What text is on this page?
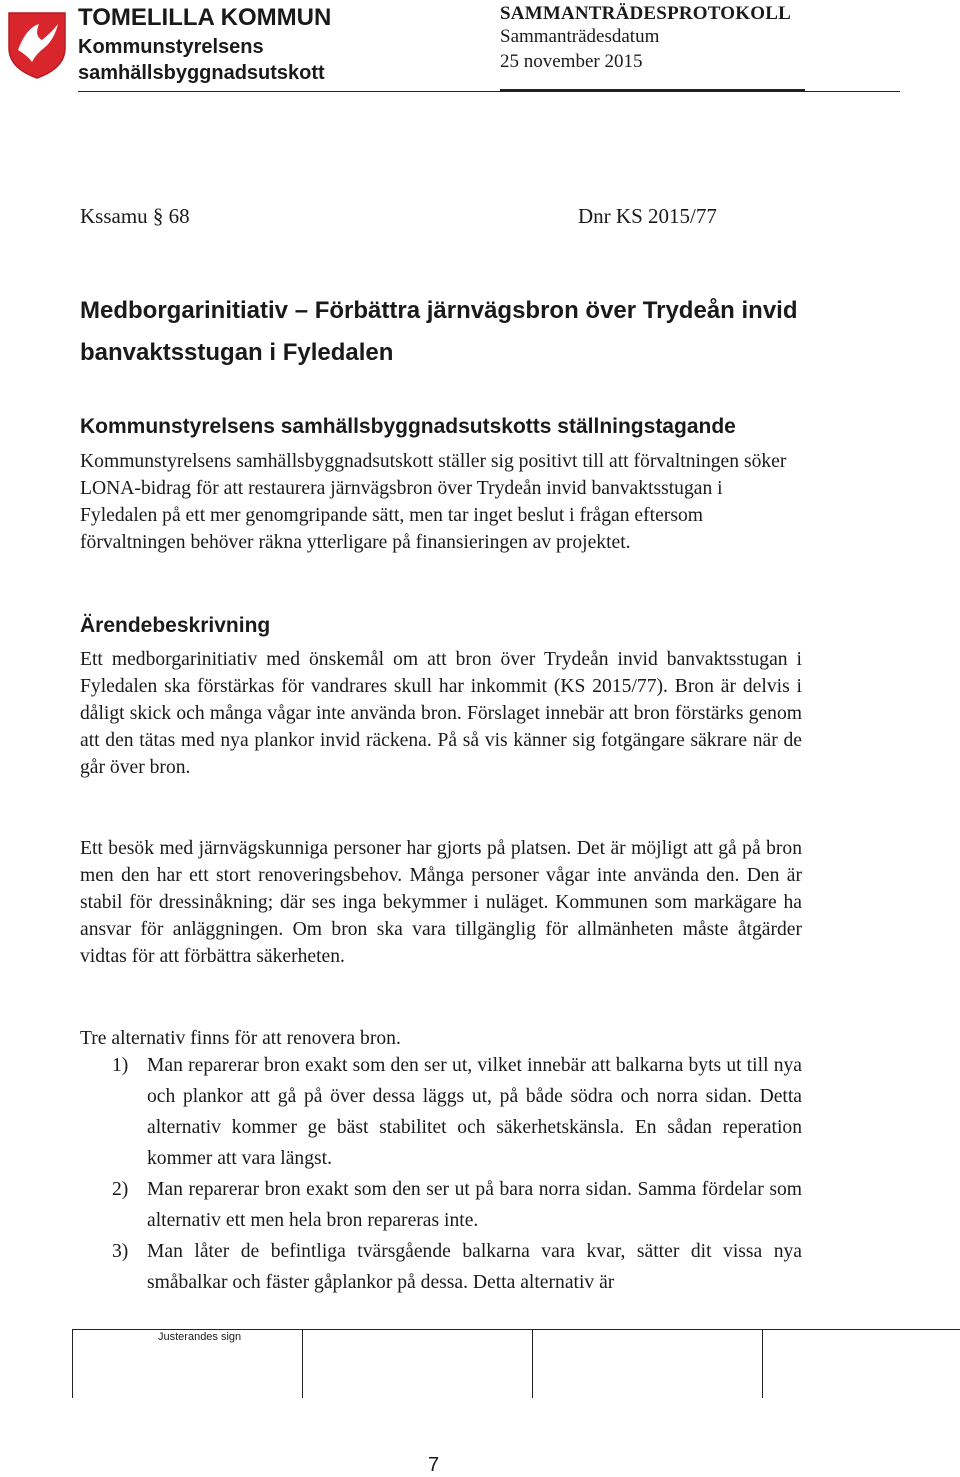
TOMELILLA KOMMUN
Kommunstyrelsens
samhällsbyggnadsutskott
SAMMANTRÄDESPROTOKOLL
Sammanträdesdatum
25 november 2015
Kssamu § 68	Dnr KS 2015/77
Medborgarinitiativ – Förbättra järnvägsbron över Trydeån invid banvaktsstugan i Fyledalen
Kommunstyrelsens samhällsbyggnadsutskotts ställningstagande

Kommunstyrelsens samhällsbyggnadsutskott ställer sig positivt till att förvaltningen söker LONA-bidrag för att restaurera järnvägsbron över Trydeån invid banvaktsstugan i Fyledalen på ett mer genomgripande sätt, men tar inget beslut i frågan eftersom förvaltningen behöver räkna ytterligare på finansieringen av projektet.

Ärendebeskrivning

Ett medborgarinitiativ med önskemål om att bron över Trydeån invid banvaktsstugan i Fyledalen ska förstärkas för vandrares skull har inkommit (KS 2015/77). Bron är delvis i dåligt skick och många vågar inte använda bron. Förslaget innebär att bron förstärks genom att den tätas med nya plankor invid räckena. På så vis känner sig fotgängare säkrare när de går över bron.

Ett besök med järnvägskunniga personer har gjorts på platsen. Det är möjligt att gå på bron men den har ett stort renoveringsbehov. Många personer vågar inte använda den. Den är stabil för dressinåkning; där ses inga bekymmer i nuläget. Kommunen som markägare ha ansvar för anläggningen. Om bron ska vara tillgänglig för allmänheten måste åtgärder vidtas för att förbättra säkerheten.

Tre alternativ finns för att renovera bron.

1) Man reparerar bron exakt som den ser ut, vilket innebär att balkarna byts ut till nya och plankor att gå på över dessa läggs ut, på både södra och norra sidan. Detta alternativ kommer ge bäst stabilitet och säkerhetskänsla. En sådan reperation kommer att vara längst.
2) Man reparerar bron exakt som den ser ut på bara norra sidan. Samma fördelar som alternativ ett men hela bron repareras inte.
3) Man låter de befintliga tvärsgående balkarna vara kvar, sätter dit vissa nya småbalkar och fäster gåplankor på dessa. Detta alternativ är
Justerandes sign
7
